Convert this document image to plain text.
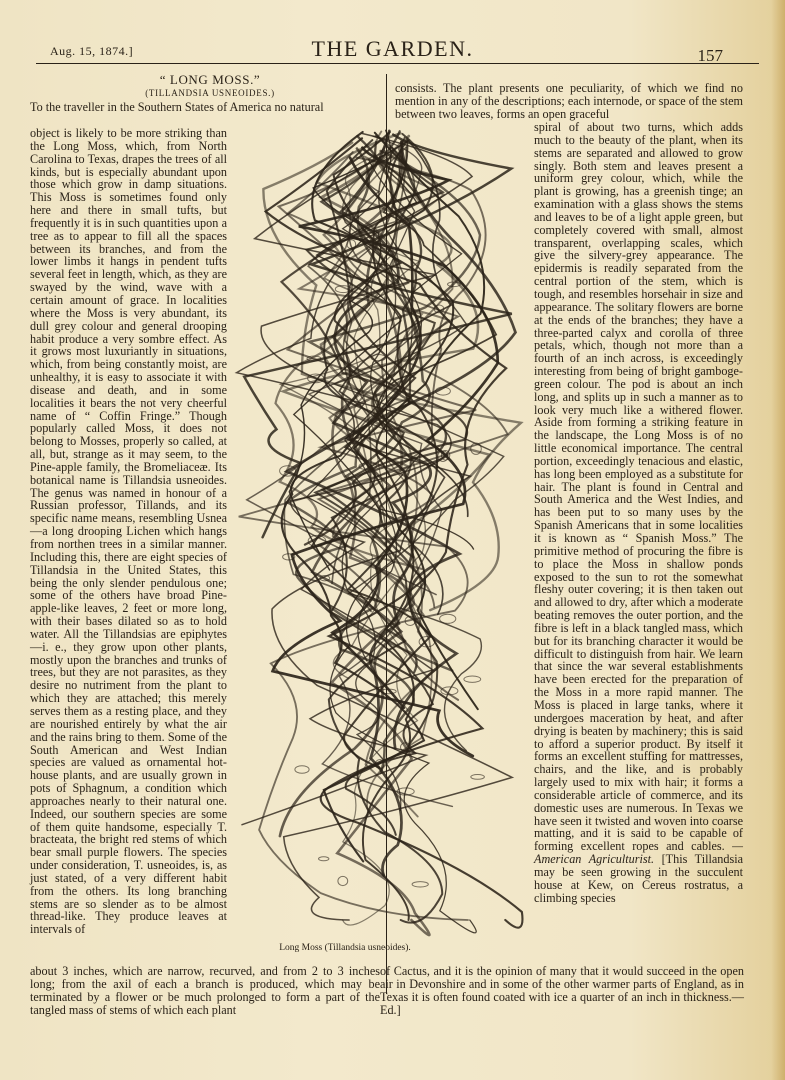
Aug. 15, 1874.]	THE GARDEN.	157
“ LONG MOSS.”
(TILLANDSIA USNEOIDES.)

To the traveller in the Southern States of America no natural

object is likely to be more striking than the Long Moss, which, from North Carolina to Texas, drapes the trees of all kinds, but is especially abundant upon those which grow in damp situations. This Moss is sometimes found only here and there in small tufts, but frequently it is in such quantities upon a tree as to appear to fill all the spaces between its branches, and from the lower limbs it hangs in pendent tufts several feet in length, which, as they are swayed by the wind, wave with a certain amount of grace. In localities where the Moss is very abundant, its dull grey colour and general drooping habit produce a very sombre effect. As it grows most luxuriantly in situations, which, from being constantly moist, are unhealthy, it is easy to associate it with disease and death, and in some localities it bears the not very cheerful name of “ Coffin Fringe.” Though popularly called Moss, it does not belong to Mosses, properly so called, at all, but, strange as it may seem, to the Pine-apple family, the Bromeliaceæ. Its botanical name is Tillandsia usneoides. The genus was named in honour of a Russian professor, Tillands, and its specific name means, resembling Usnea—a long drooping Lichen which hangs from northen trees in a similar manner. Including this, there are eight species of Tillandsia in the United States, this being the only slender pendulous one; some of the others have broad Pine-apple-like leaves, 2 feet or more long, with their bases dilated so as to hold water. All the Tillandsias are epiphytes—i. e., they grow upon other plants, mostly upon the branches and trunks of trees, but they are not parasites, as they desire no nutriment from the plant to which they are attached; this merely serves them as a resting place, and they are nourished entirely by what the air and the rains bring to them. Some of the South American and West Indian species are valued as ornamental hot-house plants, and are usually grown in pots of Sphagnum, a condition which approaches nearly to their natural one. Indeed, our southern species are some of them quite handsome, especially T. bracteata, the bright red stems of which bear small purple flowers. The species under consideration, T. usneoides, is, as just stated, of a very different habit from the others. Its long branching stems are so slender as to be almost thread-like. They produce leaves at intervals of

about 3 inches, which are narrow, recurved, and from 2 to 3 inches long; from the axil of each a branch is produced, which may be terminated by a flower or be much prolonged to form a part of the tangled mass of stems of which each plant

consists. The plant presents one peculiarity, of which we find no mention in any of the descriptions; each internode, or space of the stem between two leaves, forms an open graceful

spiral of about two turns, which adds much to the beauty of the plant, when its stems are separated and allowed to grow singly. Both stem and leaves present a uniform grey colour, which, while the plant is growing, has a greenish tinge; an examination with a glass shows the stems and leaves to be of a light apple green, but completely covered with small, almost transparent, overlapping scales, which give the silvery-grey appearance. The epidermis is readily separated from the central portion of the stem, which is tough, and resembles horsehair in size and appearance. The solitary flowers are borne at the ends of the branches; they have a three-parted calyx and corolla of three petals, which, though not more than a fourth of an inch across, is exceedingly interesting from being of bright gamboge-green colour. The pod is about an inch long, and splits up in such a manner as to look very much like a withered flower. Aside from forming a striking feature in the landscape, the Long Moss is of no little economical importance. The central portion, exceedingly tenacious and elastic, has long been employed as a substitute for hair. The plant is found in Central and South America and the West Indies, and has been put to so many uses by the Spanish Americans that in some localities it is known as “ Spanish Moss.” The primitive method of procuring the fibre is to place the Moss in shallow ponds exposed to the sun to rot the somewhat fleshy outer covering; it is then taken out and allowed to dry, after which a moderate beating removes the outer portion, and the fibre is left in a black tangled mass, which but for its branching character it would be difficult to distinguish from hair. We learn that since the war several establishments have been erected for the preparation of the Moss in a more rapid manner. The Moss is placed in large tanks, where it undergoes maceration by heat, and after drying is beaten by machinery; this is said to afford a superior product. By itself it forms an excellent stuffing for mattresses, chairs, and the like, and is probably largely used to mix with hair; it forms a considerable article of commerce, and its domestic uses are numerous. In Texas we have seen it twisted and woven into coarse matting, and it is said to be capable of forming excellent ropes and cables. —American Agriculturist. [This Tillandsia may be seen growing in the succulent house at Kew, on Cereus rostratus, a climbing species

of Cactus, and it is the opinion of many that it would succeed in the open air in Devonshire and in some of the other warmer parts of England, as in Texas it is often found coated with ice a quarter of an inch in thickness.—Ed.]

Long Moss (Tillandsia usneoides).
